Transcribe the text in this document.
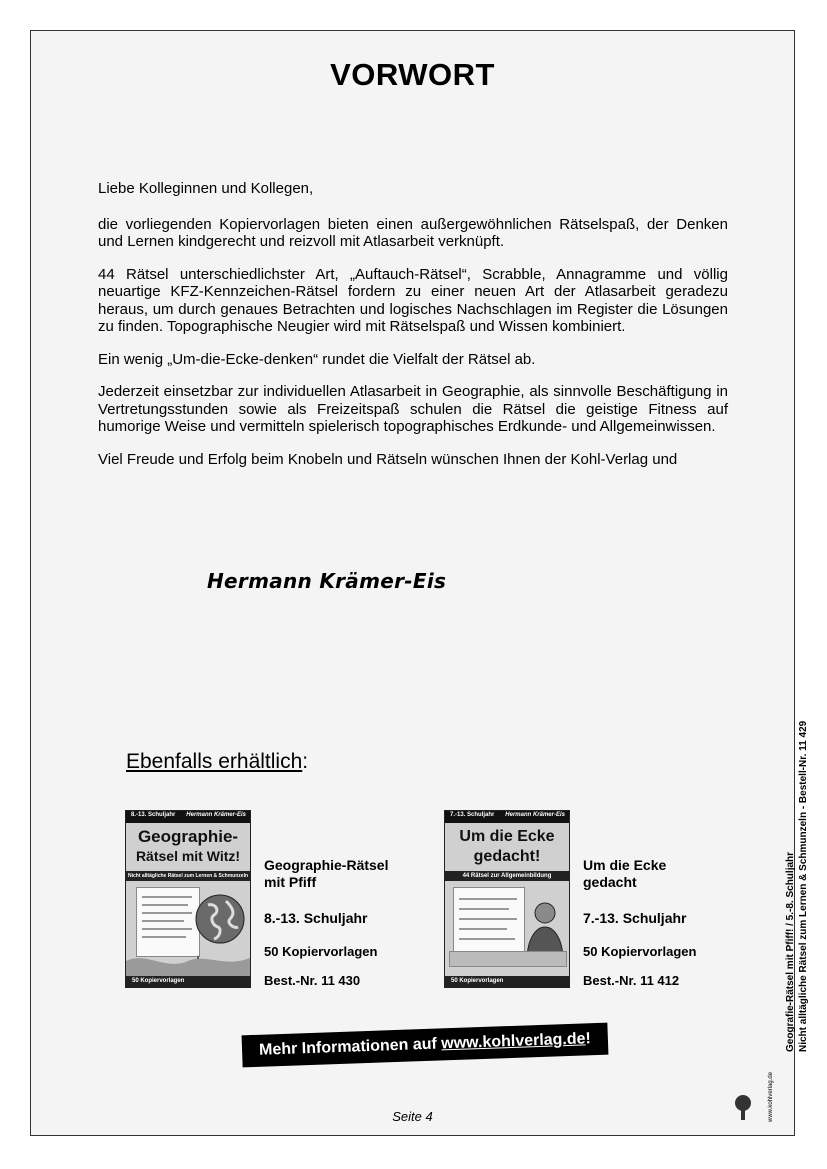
VORWORT

Liebe Kolleginnen und Kollegen,

die vorliegenden Kopiervorlagen bieten einen außergewöhnlichen Rätselspaß, der Denken und Lernen kindgerecht und reizvoll mit Atlasarbeit verknüpft.

44 Rätsel unterschiedlichster Art, „Auftauch-Rätsel“, Scrabble, Annagramme und völlig neuartige KFZ-Kennzeichen-Rätsel fordern zu einer neuen Art der Atlasarbeit geradezu heraus, um durch genaues Betrachten und logisches Nachschlagen im Register die Lösungen zu finden. Topographische Neugier wird mit Rätselspaß und Wissen kombiniert.

Ein wenig „Um-die-Ecke-denken“ rundet die Vielfalt der Rätsel ab.

Jederzeit einsetzbar zur individuellen Atlasarbeit in Geographie, als sinnvolle Beschäftigung in Vertretungsstunden sowie als Freizeitspaß schulen die Rätsel die geistige Fitness auf humorige Weise und vermitteln spielerisch topographisches Erdkunde- und Allgemeinwissen.

Viel Freude und Erfolg beim Knobeln und Rätseln wünschen Ihnen der Kohl-Verlag und

Hermann Krämer-Eis
Ebenfalls erhältlich:
8.-13. Schuljahr Hermann Krämer-Eis
Geographie-
Rätsel mit Witz!
Nicht alltägliche Rätsel zum Lernen & Schmunzeln
50 Kopiervorlagen
Geographie-Rätsel
mit Pfiff
8.-13. Schuljahr
50 Kopiervorlagen
Best.-Nr. 11 430
7.-13. Schuljahr Hermann Krämer-Eis
Um die Ecke
gedacht!
44 Rätsel zur Allgemeinbildung
50 Kopiervorlagen
Um die Ecke
gedacht
7.-13. Schuljahr
50 Kopiervorlagen
Best.-Nr. 11 412
Mehr Informationen auf www.kohlverlag.de!
Seite 4
Geografie-Rätsel mit Pfiff! / 5.-8. Schuljahr Nicht alltägliche Rätsel zum Lernen & Schmunzeln - Bestell-Nr. 11 429
www.kohlverlag.de
